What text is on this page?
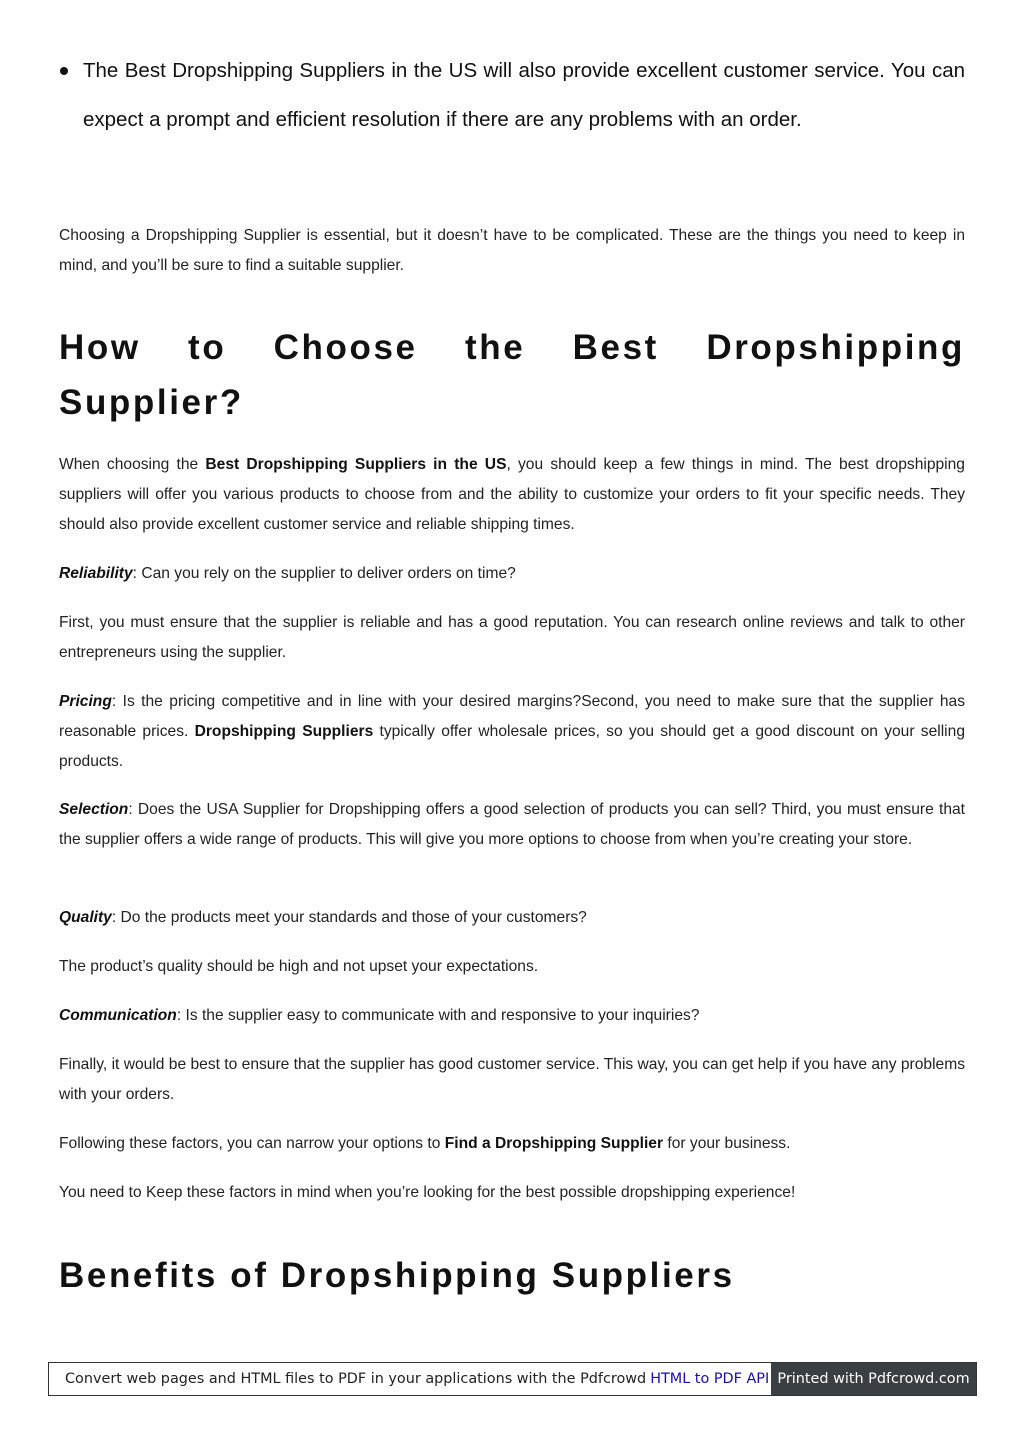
The Best Dropshipping Suppliers in the US will also provide excellent customer service. You can expect a prompt and efficient resolution if there are any problems with an order.

Choosing a Dropshipping Supplier is essential, but it doesn’t have to be complicated. These are the things you need to keep in mind, and you’ll be sure to find a suitable supplier.

How to Choose the Best Dropshipping Supplier?

When choosing the Best Dropshipping Suppliers in the US, you should keep a few things in mind. The best dropshipping suppliers will offer you various products to choose from and the ability to customize your orders to fit your specific needs. They should also provide excellent customer service and reliable shipping times.

Reliability: Can you rely on the supplier to deliver orders on time?

First, you must ensure that the supplier is reliable and has a good reputation. You can research online reviews and talk to other entrepreneurs using the supplier.

Pricing: Is the pricing competitive and in line with your desired margins?Second, you need to make sure that the supplier has reasonable prices. Dropshipping Suppliers typically offer wholesale prices, so you should get a good discount on your selling products.

Selection: Does the USA Supplier for Dropshipping offers a good selection of products you can sell? Third, you must ensure that the supplier offers a wide range of products. This will give you more options to choose from when you’re creating your store.

Quality: Do the products meet your standards and those of your customers?

The product’s quality should be high and not upset your expectations.

Communication: Is the supplier easy to communicate with and responsive to your inquiries?

Finally, it would be best to ensure that the supplier has good customer service. This way, you can get help if you have any problems with your orders.

Following these factors, you can narrow your options to Find a Dropshipping Supplier for your business.

You need to Keep these factors in mind when you’re looking for the best possible dropshipping experience!

Benefits of Dropshipping Suppliers
Convert web pages and HTML files to PDF in your applications with the Pdfcrowd HTML to PDF API Printed with Pdfcrowd.com
